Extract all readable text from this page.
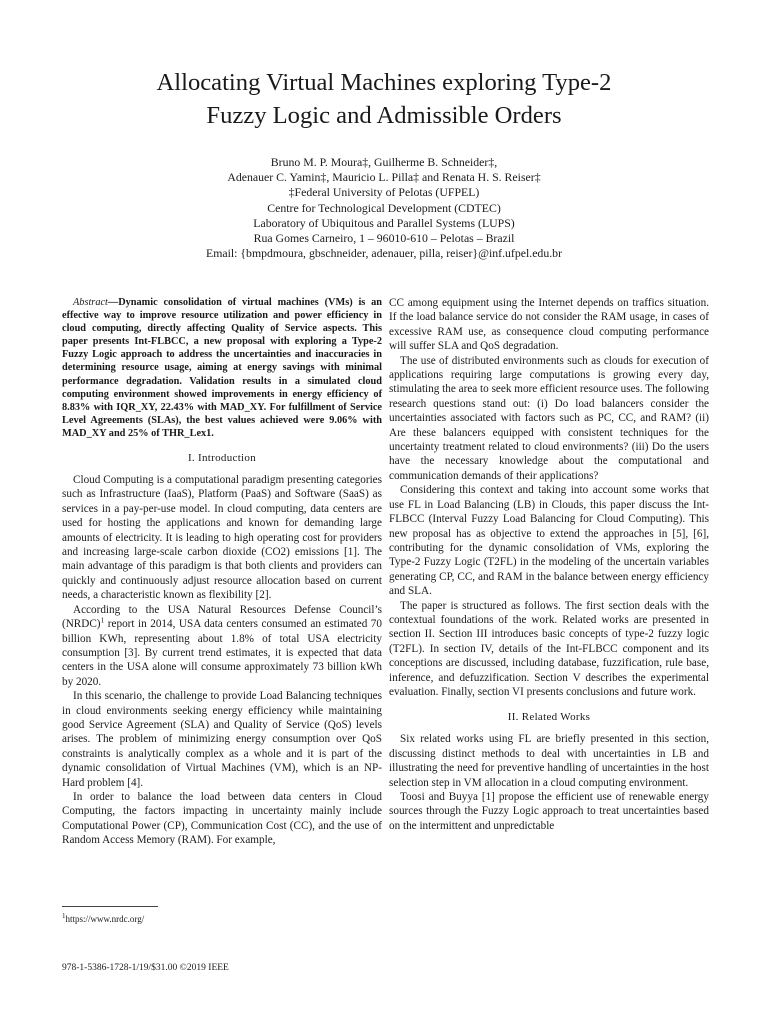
Allocating Virtual Machines exploring Type-2
Fuzzy Logic and Admissible Orders
Bruno M. P. Moura‡, Guilherme B. Schneider‡,
Adenauer C. Yamin‡, Mauricio L. Pilla‡ and Renata H. S. Reiser‡
‡Federal University of Pelotas (UFPEL)
Centre for Technological Development (CDTEC)
Laboratory of Ubiquitous and Parallel Systems (LUPS)
Rua Gomes Carneiro, 1 – 96010-610 – Pelotas – Brazil
Email: {bmpdmoura, gbschneider, adenauer, pilla, reiser}@inf.ufpel.edu.br

Abstract—Dynamic consolidation of virtual machines (VMs) is an effective way to improve resource utilization and power efficiency in cloud computing, directly affecting Quality of Service aspects. This paper presents Int-FLBCC, a new proposal with exploring a Type-2 Fuzzy Logic approach to address the uncertainties and inaccuracies in determining resource usage, aiming at energy savings with minimal performance degradation. Validation results in a simulated cloud computing environment showed improvements in energy efficiency of 8.83% with IQR_XY, 22.43% with MAD_XY. For fulfillment of Service Level Agreements (SLAs), the best values achieved were 9.06% with MAD_XY and 25% of THR_Lex1.

I. Introduction

Cloud Computing is a computational paradigm presenting categories such as Infrastructure (IaaS), Platform (PaaS) and Software (SaaS) as services in a pay-per-use model. In cloud computing, data centers are used for hosting the applications and known for demanding large amounts of electricity. It is leading to high operating cost for providers and increasing large-scale carbon dioxide (CO2) emissions [1]. The main advantage of this paradigm is that both clients and providers can quickly and continuously adjust resource allocation based on current needs, a characteristic known as flexibility [2].

According to the USA Natural Resources Defense Council’s (NRDC)$^1$ report in 2014, USA data centers consumed an estimated 70 billion KWh, representing about 1.8% of total USA electricity consumption [3]. By current trend estimates, it is expected that data centers in the USA alone will consume approximately 73 billion kWh by 2020.

In this scenario, the challenge to provide Load Balancing techniques in cloud environments seeking energy efficiency while maintaining good Service Agreement (SLA) and Quality of Service (QoS) levels arises. The problem of minimizing energy consumption over QoS constraints is analytically complex as a whole and it is part of the dynamic consolidation of Virtual Machines (VM), which is an NP-Hard problem [4].

In order to balance the load between data centers in Cloud Computing, the factors impacting in uncertainty mainly include Computational Power (CP), Communication Cost (CC), and the use of Random Access Memory (RAM). For example,

CC among equipment using the Internet depends on traffics situation. If the load balance service do not consider the RAM usage, in cases of excessive RAM use, as consequence cloud computing performance will suffer SLA and QoS degradation.

The use of distributed environments such as clouds for execution of applications requiring large computations is growing every day, stimulating the area to seek more efficient resource uses. The following research questions stand out: (i) Do load balancers consider the uncertainties associated with factors such as PC, CC, and RAM? (ii) Are these balancers equipped with consistent techniques for the uncertainty treatment related to cloud environments? (iii) Do the users have the necessary knowledge about the computational and communication demands of their applications?

Considering this context and taking into account some works that use FL in Load Balancing (LB) in Clouds, this paper discuss the Int-FLBCC (Interval Fuzzy Load Balancing for Cloud Computing). This new proposal has as objective to extend the approaches in [5], [6], contributing for the dynamic consolidation of VMs, exploring the Type-2 Fuzzy Logic (T2FL) in the modeling of the uncertain variables generating CP, CC, and RAM in the balance between energy efficiency and SLA.

The paper is structured as follows. The first section deals with the contextual foundations of the work. Related works are presented in section II. Section III introduces basic concepts of type-2 fuzzy logic (T2FL). In section IV, details of the Int-FLBCC component and its conceptions are discussed, including database, fuzzification, rule base, inference, and defuzzification. Section V describes the experimental evaluation. Finally, section VI presents conclusions and future work.

II. Related Works

Six related works using FL are briefly presented in this section, discussing distinct methods to deal with uncertainties in LB and illustrating the need for preventive handling of uncertainties in the host selection step in VM allocation in a cloud computing environment.

Toosi and Buyya [1] propose the efficient use of renewable energy sources through the Fuzzy Logic approach to treat uncertainties based on the intermittent and unpredictable

$^1$https://www.nrdc.org/
978-1-5386-1728-1/19/$31.00 ©2019 IEEE
